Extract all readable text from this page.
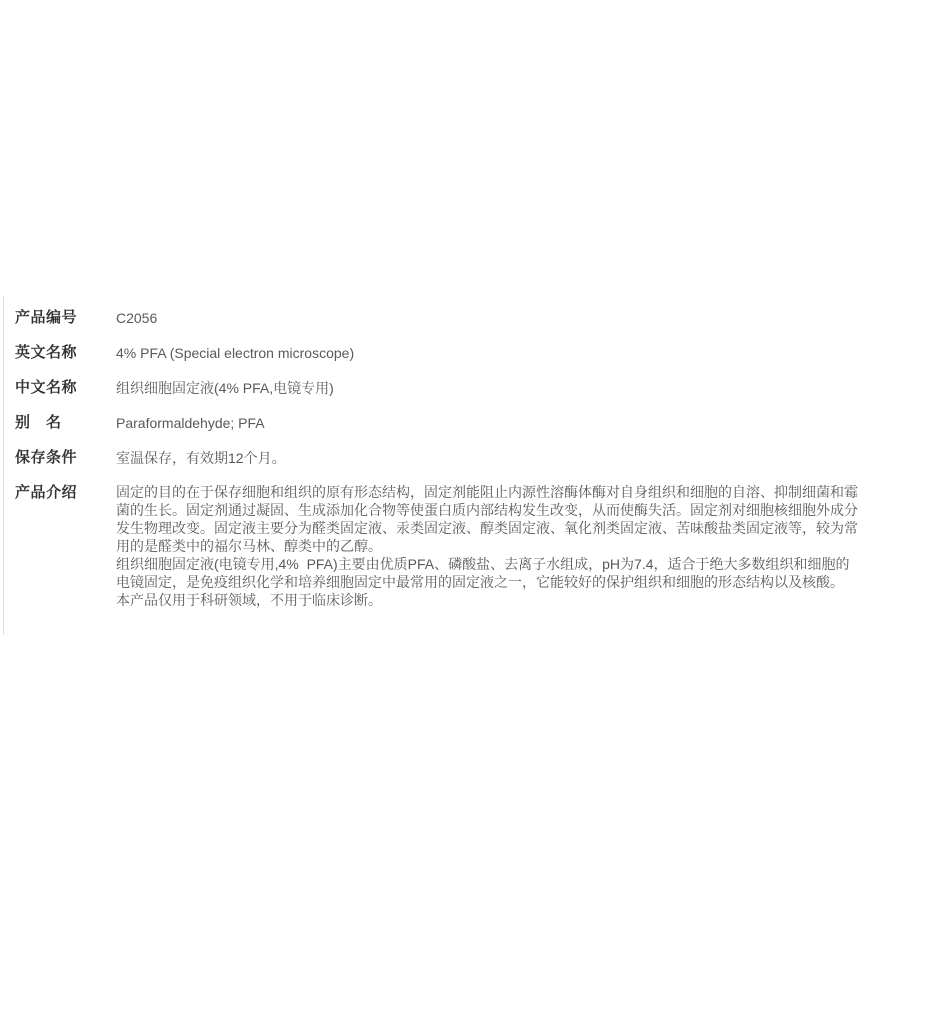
产品编号	C2056
英文名称	4% PFA (Special electron microscope)
中文名称	组织细胞固定液(4% PFA,电镜专用)
别　名	Paraformaldehyde; PFA
保存条件	室温保存，有效期12个月。
产品介绍	固定的目的在于保存细胞和组织的原有形态结构，固定剂能阻止内源性溶酶体酶对自身组织和细胞的自溶、抑制细菌和霉
菌的生长。固定剂通过凝固、生成添加化合物等使蛋白质内部结构发生改变，从而使酶失活。固定剂对细胞核细胞外成分
发生物理改变。固定液主要分为醛类固定液、汞类固定液、醇类固定液、氧化剂类固定液、苦味酸盐类固定液等，较为常
用的是醛类中的福尔马林、醇类中的乙醇。
组织细胞固定液(电镜专用,4%  PFA)主要由优质PFA、磷酸盐、去离子水组成，pH为7.4，适合于绝大多数组织和细胞的
电镜固定，是免疫组织化学和培养细胞固定中最常用的固定液之一，它能较好的保护组织和细胞的形态结构以及核酸。
本产品仅用于科研领域，不用于临床诊断。
